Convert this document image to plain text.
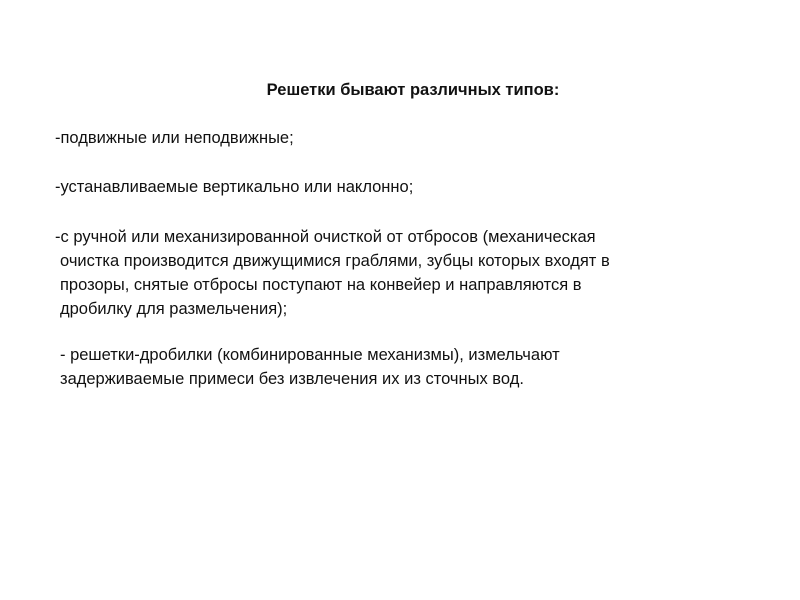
Решетки бывают различных типов:
-подвижные или неподвижные;
-устанавливаемые вертикально или наклонно;
-с ручной или механизированной очисткой от отбросов (механическая
очистка производится движущимися граблями, зубцы которых входят в
прозоры, снятые отбросы поступают на конвейер и направляются в
дробилку для размельчения);
- решетки-дробилки (комбинированные механизмы), измельчают
задерживаемые примеси без извлечения их из сточных вод.
